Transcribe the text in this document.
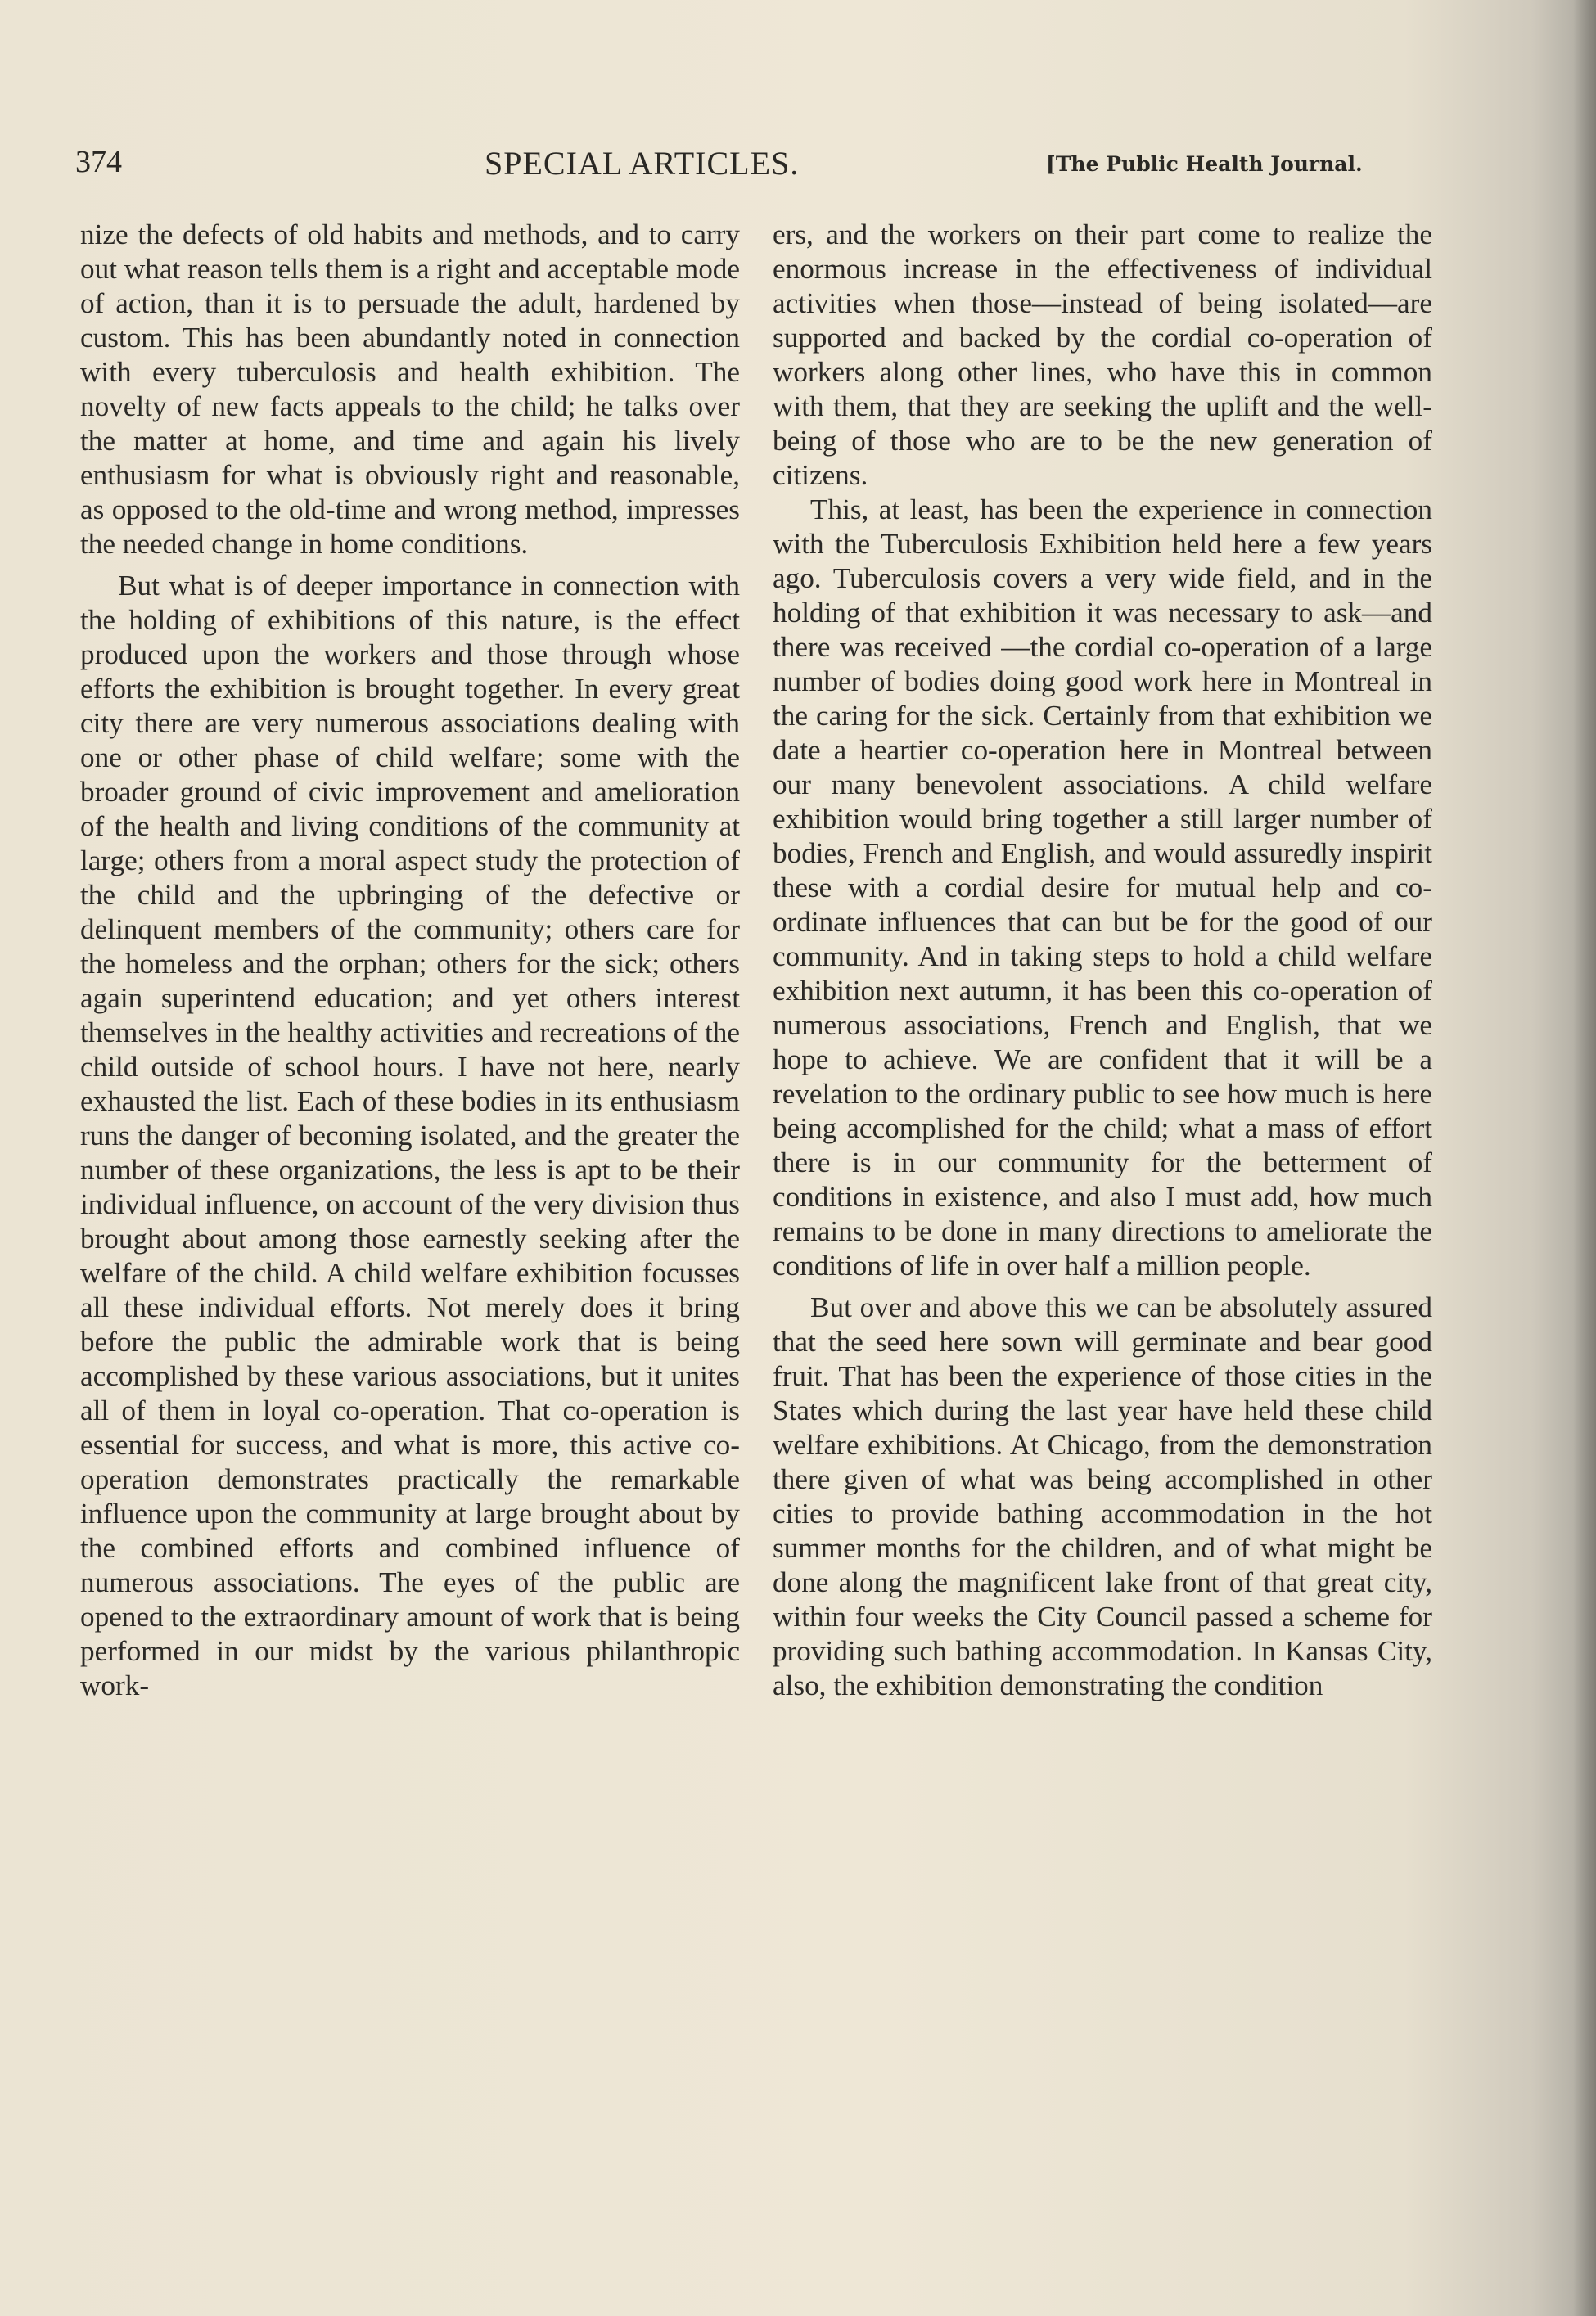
374	SPECIAL ARTICLES.	[The Public Health Journal.

nize the defects of old habits and methods, and to carry out what reason tells them is a right and acceptable mode of action, than it is to persuade the adult, hardened by custom. This has been abundantly noted in connection with every tuberculosis and health exhibition. The novelty of new facts appeals to the child; he talks over the matter at home, and time and again his lively enthusiasm for what is obviously right and reasonable, as opposed to the old-time and wrong method, impresses the needed change in home conditions.

But what is of deeper importance in connection with the holding of exhibitions of this nature, is the effect produced upon the workers and those through whose efforts the exhibition is brought together. In every great city there are very numerous associations dealing with one or other phase of child welfare; some with the broader ground of civic improvement and amelioration of the health and living conditions of the community at large; others from a moral aspect study the protection of the child and the upbringing of the defective or delinquent members of the community; others care for the homeless and the orphan; others for the sick; others again superintend education; and yet others interest themselves in the healthy activities and recreations of the child outside of school hours. I have not here, nearly exhausted the list. Each of these bodies in its enthusiasm runs the danger of becoming isolated, and the greater the number of these organizations, the less is apt to be their individual influence, on account of the very division thus brought about among those earnestly seeking after the welfare of the child. A child welfare exhibition focusses all these individual efforts. Not merely does it bring before the public the admirable work that is being accomplished by these various associations, but it unites all of them in loyal co-operation. That co-operation is essential for success, and what is more, this active co-operation demonstrates practically the remarkable influence upon the community at large brought about by the combined efforts and combined influence of numerous associations. The eyes of the public are opened to the extraordinary amount of work that is being performed in our midst by the various philanthropic work-

ers, and the workers on their part come to realize the enormous increase in the effectiveness of individual activities when those—instead of being isolated—are supported and backed by the cordial co-operation of workers along other lines, who have this in common with them, that they are seeking the uplift and the well-being of those who are to be the new generation of citizens.

This, at least, has been the experience in connection with the Tuberculosis Exhibition held here a few years ago. Tuberculosis covers a very wide field, and in the holding of that exhibition it was necessary to ask—and there was received —the cordial co-operation of a large number of bodies doing good work here in Montreal in the caring for the sick. Certainly from that exhibition we date a heartier co-operation here in Montreal between our many benevolent associations. A child welfare exhibition would bring together a still larger number of bodies, French and English, and would assuredly inspirit these with a cordial desire for mutual help and co-ordinate influences that can but be for the good of our community. And in taking steps to hold a child welfare exhibition next autumn, it has been this co-operation of numerous associations, French and English, that we hope to achieve. We are confident that it will be a revelation to the ordinary public to see how much is here being accomplished for the child; what a mass of effort there is in our community for the betterment of conditions in existence, and also I must add, how much remains to be done in many directions to ameliorate the conditions of life in over half a million people.

But over and above this we can be absolutely assured that the seed here sown will germinate and bear good fruit. That has been the experience of those cities in the States which during the last year have held these child welfare exhibitions. At Chicago, from the demonstration there given of what was being accomplished in other cities to provide bathing accommodation in the hot summer months for the children, and of what might be done along the magnificent lake front of that great city, within four weeks the City Council passed a scheme for providing such bathing accommodation. In Kansas City, also, the exhibition demonstrating the condition
